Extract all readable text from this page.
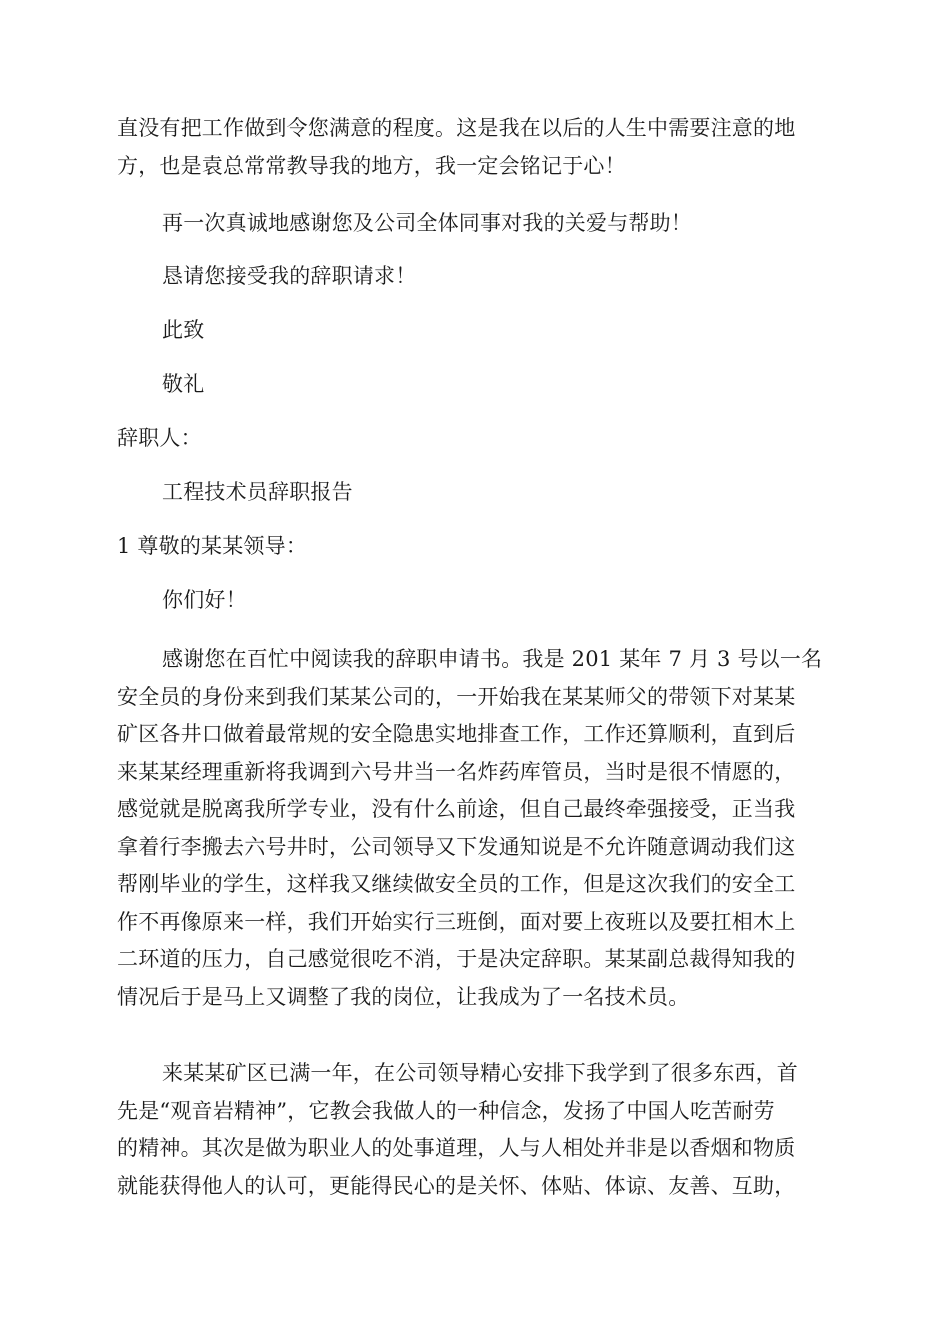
直没有把工作做到令您满意的程度。这是我在以后的人生中需要注意的地
方，也是袁总常常教导我的地方，我一定会铭记于心！
再一次真诚地感谢您及公司全体同事对我的关爱与帮助！
恳请您接受我的辞职请求！
此致
敬礼
辞职人：
工程技术员辞职报告
1 尊敬的某某领导：
你们好！
感谢您在百忙中阅读我的辞职申请书。我是 201 某年 7 月 3 号以一名
安全员的身份来到我们某某公司的，一开始我在某某师父的带领下对某某
矿区各井口做着最常规的安全隐患实地排查工作，工作还算顺利，直到后
来某某经理重新将我调到六号井当一名炸药库管员，当时是很不情愿的，
感觉就是脱离我所学专业，没有什么前途，但自己最终牵强接受，正当我
拿着行李搬去六号井时，公司领导又下发通知说是不允许随意调动我们这
帮刚毕业的学生，这样我又继续做安全员的工作，但是这次我们的安全工
作不再像原来一样，我们开始实行三班倒，面对要上夜班以及要扛相木上
二环道的压力，自己感觉很吃不消，于是决定辞职。某某副总裁得知我的
情况后于是马上又调整了我的岗位，让我成为了一名技术员。
来某某矿区已满一年，在公司领导精心安排下我学到了很多东西，首
先是“观音岩精神”，它教会我做人的一种信念，发扬了中国人吃苦耐劳
的精神。其次是做为职业人的处事道理，人与人相处并非是以香烟和物质
就能获得他人的认可，更能得民心的是关怀、体贴、体谅、友善、互助，
